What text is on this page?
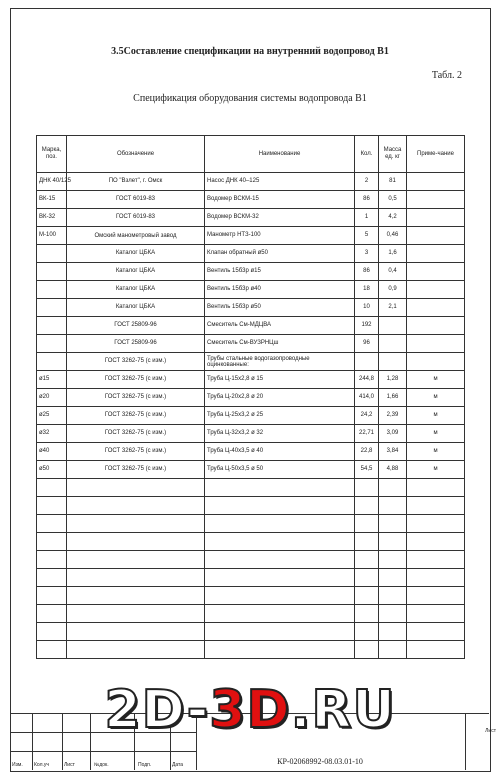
3.5Составление спецификации на внутренний водопровод В1
Табл. 2
Спецификация оборудования системы водопровода В1
Марка, поз.	Обозначение	Наименование	Кол.	Масса ед. кг	Приме-чание
ДНК 40/125	ПО "Взлет", г. Омск	Насос ДНК 40–125	2	81	
ВК-15	ГОСТ 6019-83	Водомер ВСКМ-15	86	0,5	
ВК-32	ГОСТ 6019-83	Водомер ВСКМ-32	1	4,2	
М-100	Омский манометровый завод	Манометр НТЗ-100	5	0,46	
	Каталог ЦБКА	Клапан обратный ø50	3	1,6	
	Каталог ЦБКА	Вентиль 15б3р ø15	86	0,4	
	Каталог ЦБКА	Вентиль 15б3р ø40	18	0,9	
	Каталог ЦБКА	Вентиль 15б3р ø50	10	2,1	
	ГОСТ 25809-96	Смеситель См-МДЦВА	192		
	ГОСТ 25809-96	Смеситель См-ВУЗРНЦш	96		
	ГОСТ 3262-75 (с изм.)	Трубы стальные водогазопроводные оцинкованные:			
ø15	ГОСТ 3262-75 (с изм.)	Труба Ц-15х2,8 ø 15	244,8	1,28	м
ø20	ГОСТ 3262-75 (с изм.)	Труба Ц-20х2,8 ø 20	414,0	1,66	м
ø25	ГОСТ 3262-75 (с изм.)	Труба Ц-25х3,2 ø 25	24,2	2,39	м
ø32	ГОСТ 3262-75 (с изм.)	Труба Ц-32х3,2 ø 32	22,71	3,09	м
ø40	ГОСТ 3262-75 (с изм.)	Труба Ц-40х3,5 ø 40	22,8	3,84	м
ø50	ГОСТ 3262-75 (с изм.)	Труба Ц-50х3,5 ø 50	54,5	4,88	м

Изм. Кол.уч	Лист	№док.	Подп.	Дата
Лист
КР-02068992-08.03.01-10
2D-3D.RU
